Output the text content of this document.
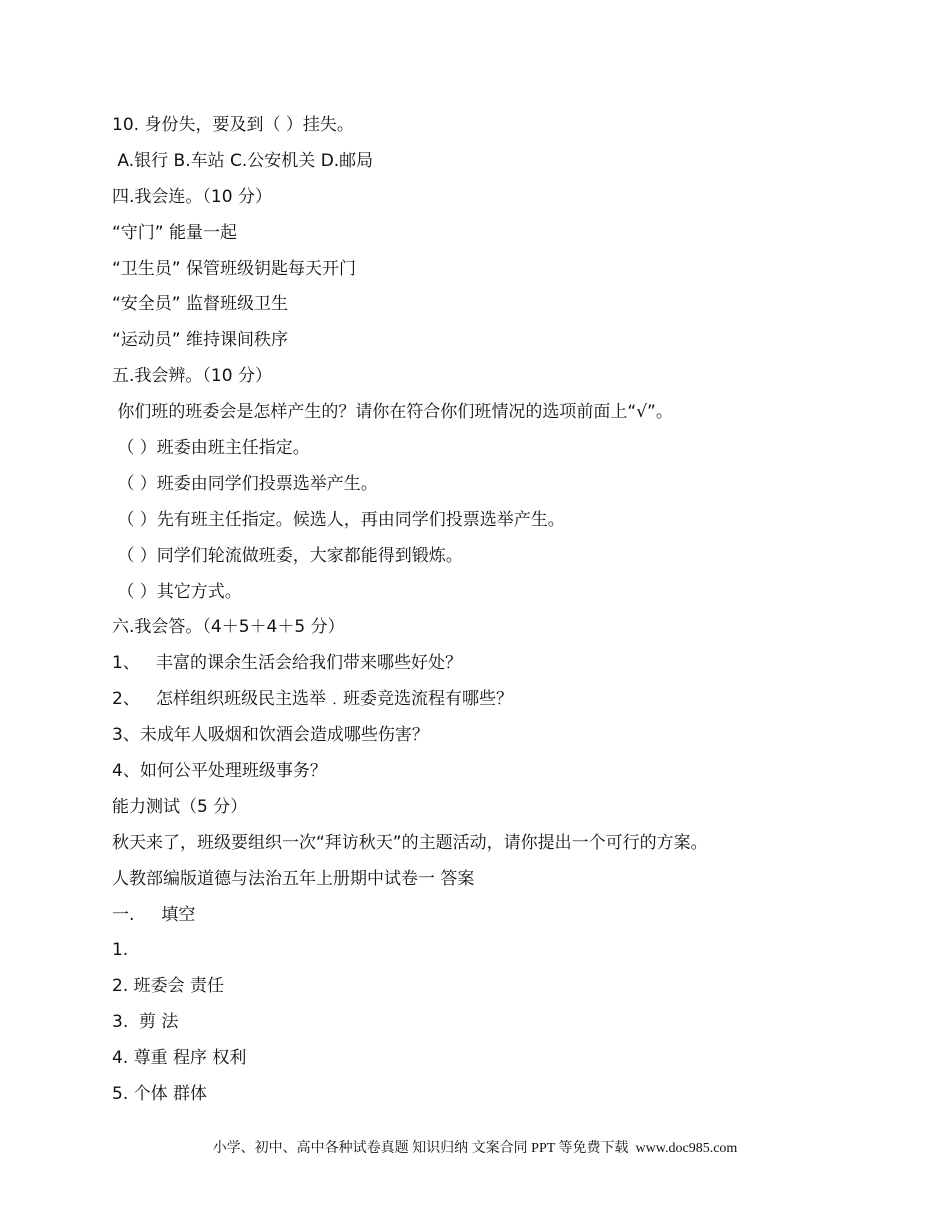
10. 身份失，要及到（ ）挂失。
A.银行 B.车站 C.公安机关 D.邮局
四.我会连。（10 分）
“守门” 能量一起
“卫生员” 保管班级钥匙每天开门
“安全员” 监督班级卫生
“运动员” 维持课间秩序
五.我会辨。（10 分）
你们班的班委会是怎样产生的？请你在符合你们班情况的选项前面上“√”。
（ ）班委由班主任指定。
（ ）班委由同学们投票选举产生。
（ ）先有班主任指定。候选人，再由同学们投票选举产生。
（ ）同学们轮流做班委，大家都能得到锻炼。
（ ）其它方式。
六.我会答。（4＋5＋4＋5 分）
1、   丰富的课余生活会给我们带来哪些好处？
2、   怎样组织班级民主选举﹒班委竞选流程有哪些？
3、未成年人吸烟和饮酒会造成哪些伤害？
4、如何公平处理班级事务？
能力测试（5 分）
秋天来了，班级要组织一次“拜访秋天”的主题活动，请你提出一个可行的方案。
人教部编版道德与法治五年上册期中试卷一 答案
一.     填空
1.
2. 班委会 责任
3.  剪 法
4. 尊重 程序 权利
5. 个体 群体
小学、初中、高中各种试卷真题 知识归纳 文案合同 PPT 等免费下载  www.doc985.com
